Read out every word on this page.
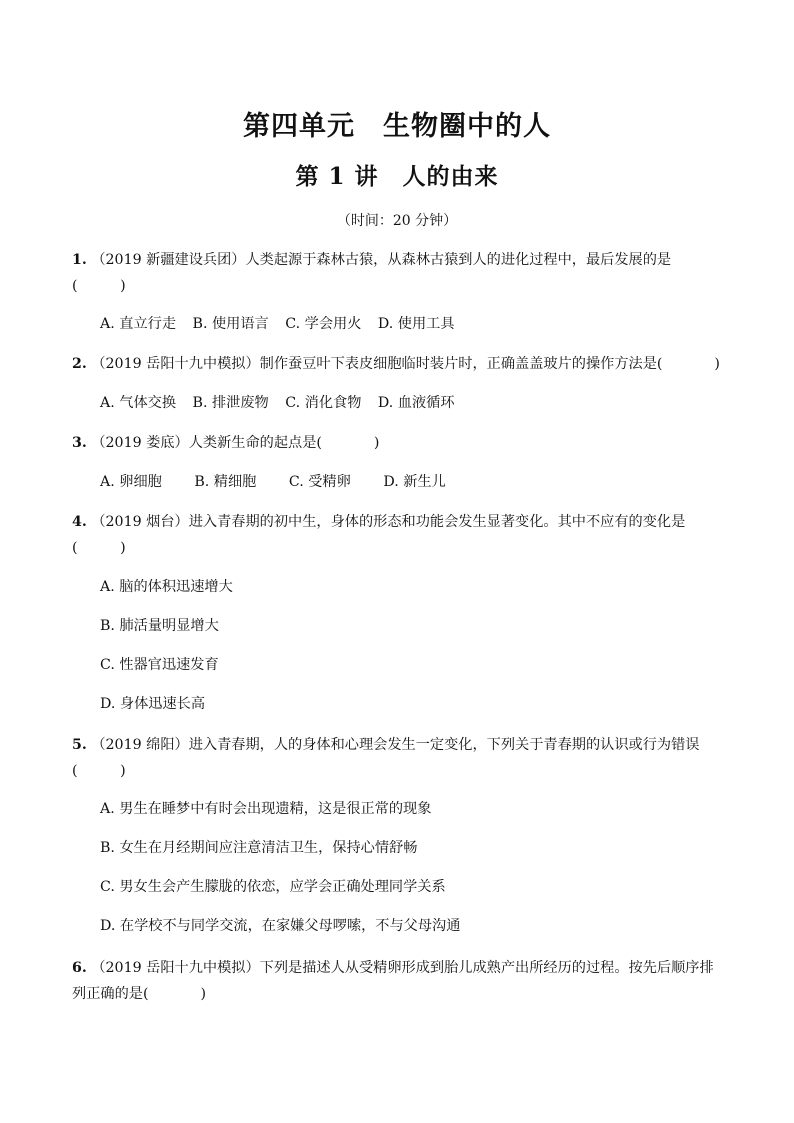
第四单元　生物圈中的人
第 1 讲　人的由来
（时间：20 分钟）
1. （2019 新疆建设兵团）人类起源于森林古猿，从森林古猿到人的进化过程中，最后发展的是
(　　　)
A. 直立行走 B. 使用语言 C. 学会用火 D. 使用工具
2. （2019 岳阳十九中模拟）制作蚕豆叶下表皮细胞临时装片时，正确盖盖玻片的操作方法是(	)
A. 气体交换 B. 排泄废物 C. 消化食物 D. 血液循环
3. （2019 娄底）人类新生命的起点是(	)
A. 卵细胞 B. 精细胞 C. 受精卵 D. 新生儿
4. （2019 烟台）进入青春期的初中生，身体的形态和功能会发生显著变化。其中不应有的变化是
(　　　)
A. 脑的体积迅速增大
B. 肺活量明显增大
C. 性器官迅速发育
D. 身体迅速长高
5. （2019 绵阳）进入青春期，人的身体和心理会发生一定变化，下列关于青春期的认识或行为错误
(　　　)
A. 男生在睡梦中有时会出现遗精，这是很正常的现象
B. 女生在月经期间应注意清洁卫生，保持心情舒畅
C. 男女生会产生朦胧的依恋，应学会正确处理同学关系
D. 在学校不与同学交流，在家嫌父母啰嗦，不与父母沟通
6. （2019 岳阳十九中模拟）下列是描述人从受精卵形成到胎儿成熟产出所经历的过程。按先后顺序排
列正确的是(	)
